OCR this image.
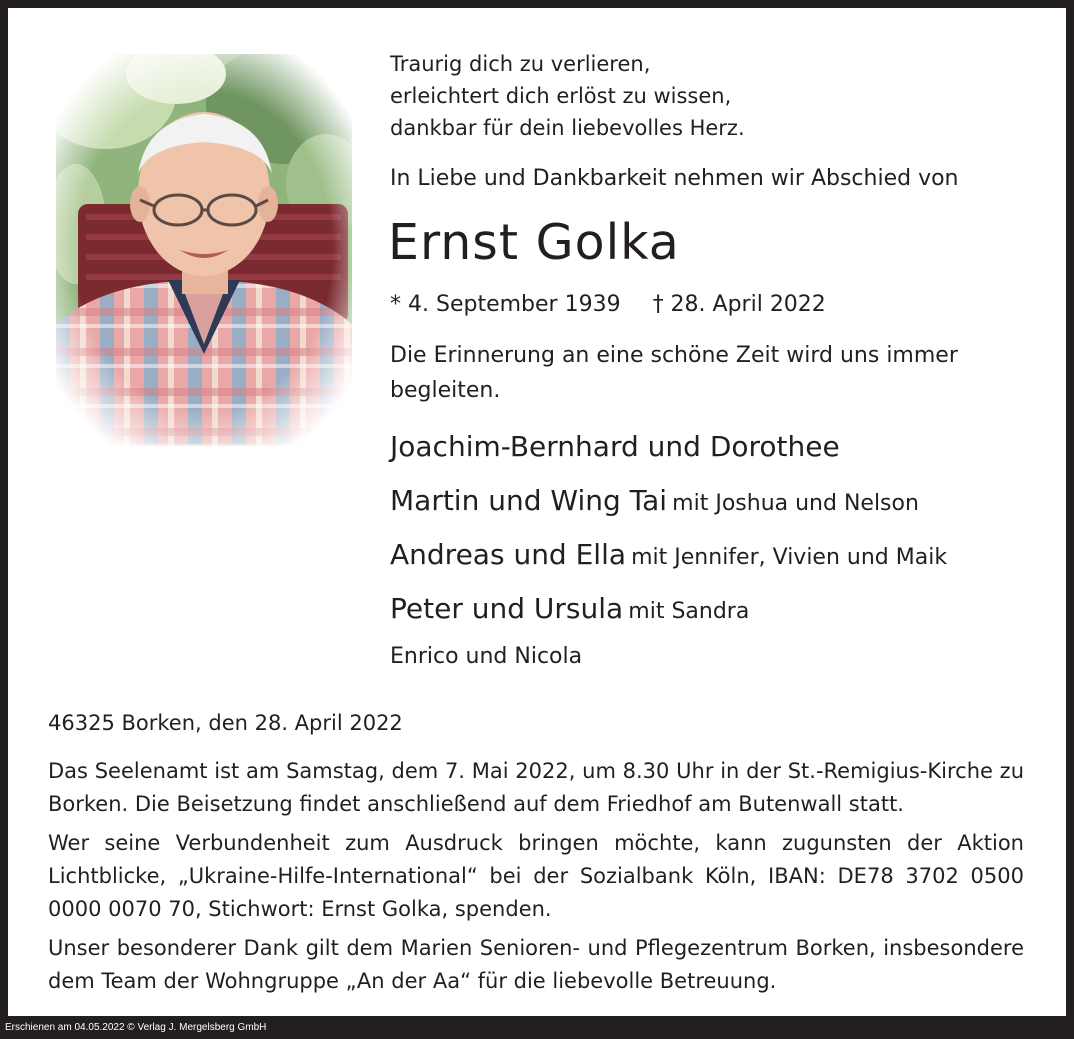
Traurig dich zu verlieren,

erleichtert dich erlöst zu wissen,

dankbar für dein liebevolles Herz.

In Liebe und Dankbarkeit nehmen wir Abschied von

Ernst Golka

* 4. September 1939 † 28. April 2022

Die Erinnerung an eine schöne Zeit wird uns immer begleiten.

Joachim-Bernhard und Dorothee

Martin und Wing Tai mit Joshua und Nelson

Andreas und Ella mit Jennifer, Vivien und Maik

Peter und Ursula mit Sandra

Enrico und Nicola

46325 Borken, den 28. April 2022

Das Seelenamt ist am Samstag, dem 7. Mai 2022, um 8.30 Uhr in der St.-Remigius-Kirche zu Borken. Die Beisetzung findet anschließend auf dem Friedhof am Butenwall statt.

Wer seine Verbundenheit zum Ausdruck bringen möchte, kann zugunsten der Aktion Lichtblicke, „Ukraine-Hilfe-International“ bei der Sozialbank Köln, IBAN: DE78 3702 0500 0000 0070 70, Stichwort: Ernst Golka, spenden.

Unser besonderer Dank gilt dem Marien Senioren- und Pflegezentrum Borken, insbesondere dem Team der Wohngruppe „An der Aa“ für die liebevolle Betreuung.

Erschienen am 04.05.2022 © Verlag J. Mergelsberg GmbH
